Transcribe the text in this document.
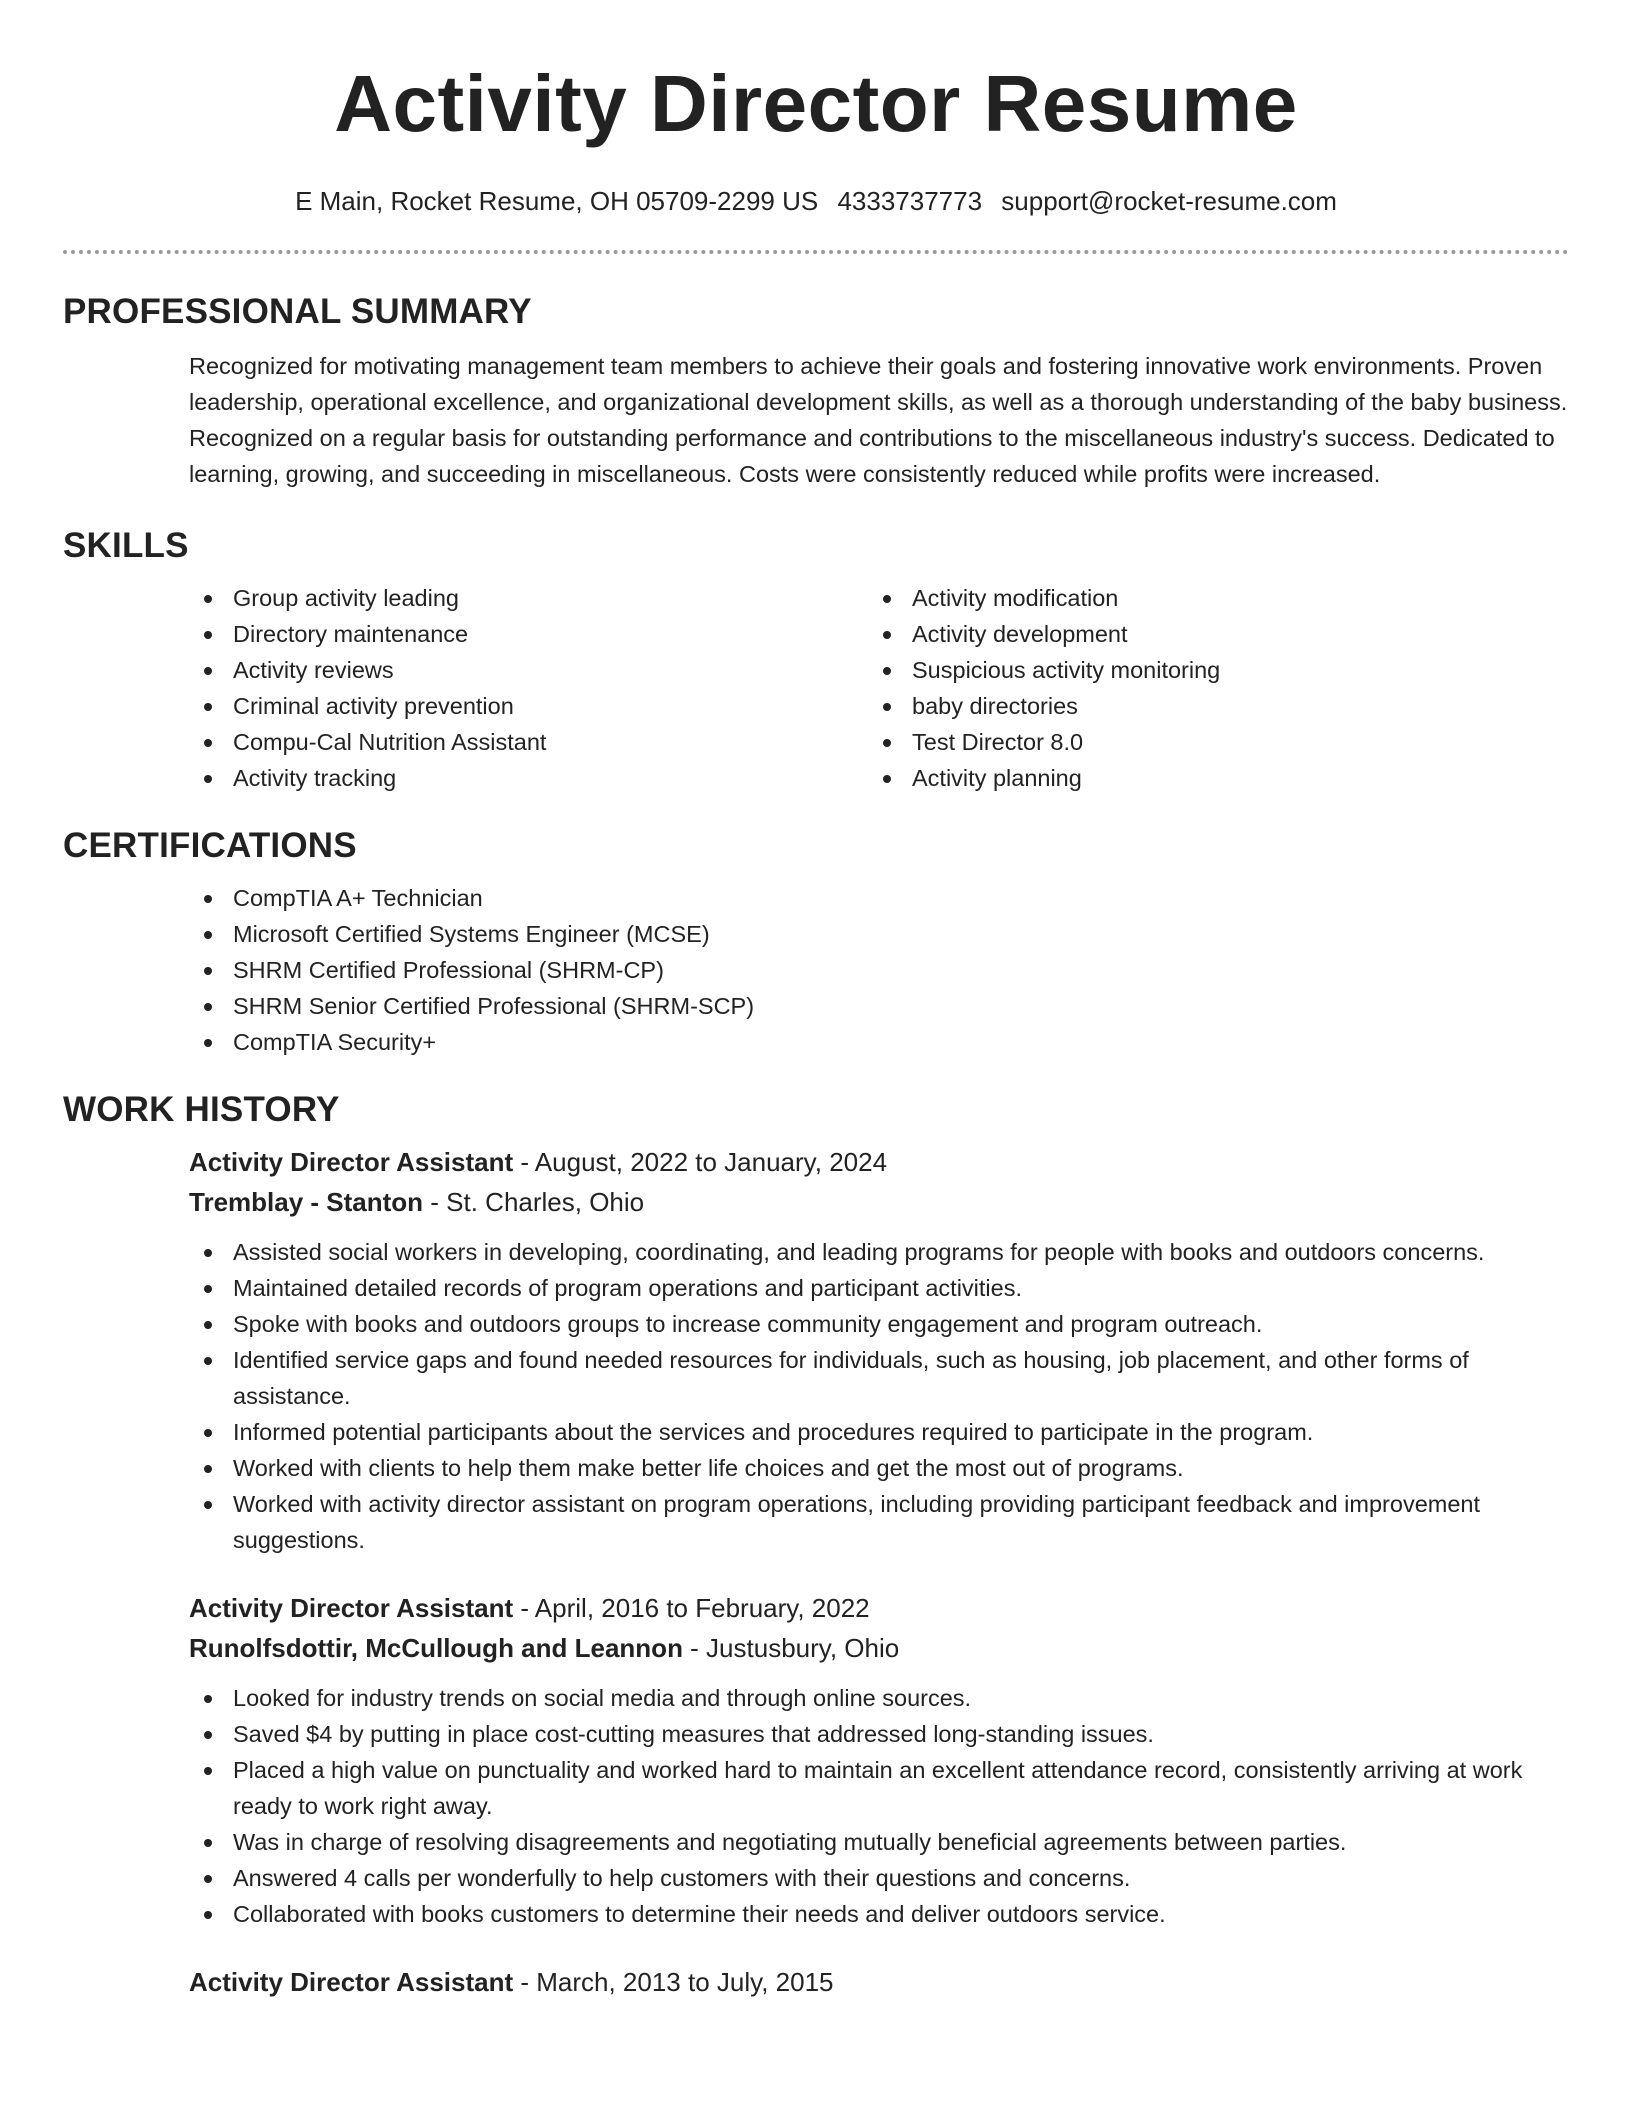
Activity Director Resume
E Main, Rocket Resume, OH 05709-2299 US 4333737773 support@rocket-resume.com
PROFESSIONAL SUMMARY

Recognized for motivating management team members to achieve their goals and fostering innovative work environments. Proven leadership, operational excellence, and organizational development skills, as well as a thorough understanding of the baby business. Recognized on a regular basis for outstanding performance and contributions to the miscellaneous industry's success. Dedicated to learning, growing, and succeeding in miscellaneous. Costs were consistently reduced while profits were increased.

SKILLS
Group activity leading
Directory maintenance
Activity reviews
Criminal activity prevention
Compu-Cal Nutrition Assistant
Activity tracking
Activity modification
Activity development
Suspicious activity monitoring
baby directories
Test Director 8.0
Activity planning
CERTIFICATIONS
CompTIA A+ Technician
Microsoft Certified Systems Engineer (MCSE)
SHRM Certified Professional (SHRM-CP)
SHRM Senior Certified Professional (SHRM-SCP)
CompTIA Security+
WORK HISTORY
Activity Director Assistant - August, 2022 to January, 2024
Tremblay - Stanton - St. Charles, Ohio
Assisted social workers in developing, coordinating, and leading programs for people with books and outdoors concerns.
Maintained detailed records of program operations and participant activities.
Spoke with books and outdoors groups to increase community engagement and program outreach.
Identified service gaps and found needed resources for individuals, such as housing, job placement, and other forms of assistance.
Informed potential participants about the services and procedures required to participate in the program.
Worked with clients to help them make better life choices and get the most out of programs.
Worked with activity director assistant on program operations, including providing participant feedback and improvement suggestions.
Activity Director Assistant - April, 2016 to February, 2022
Runolfsdottir, McCullough and Leannon - Justusbury, Ohio
Looked for industry trends on social media and through online sources.
Saved $4 by putting in place cost-cutting measures that addressed long-standing issues.
Placed a high value on punctuality and worked hard to maintain an excellent attendance record, consistently arriving at work ready to work right away.
Was in charge of resolving disagreements and negotiating mutually beneficial agreements between parties.
Answered 4 calls per wonderfully to help customers with their questions and concerns.
Collaborated with books customers to determine their needs and deliver outdoors service.
Activity Director Assistant - March, 2013 to July, 2015
